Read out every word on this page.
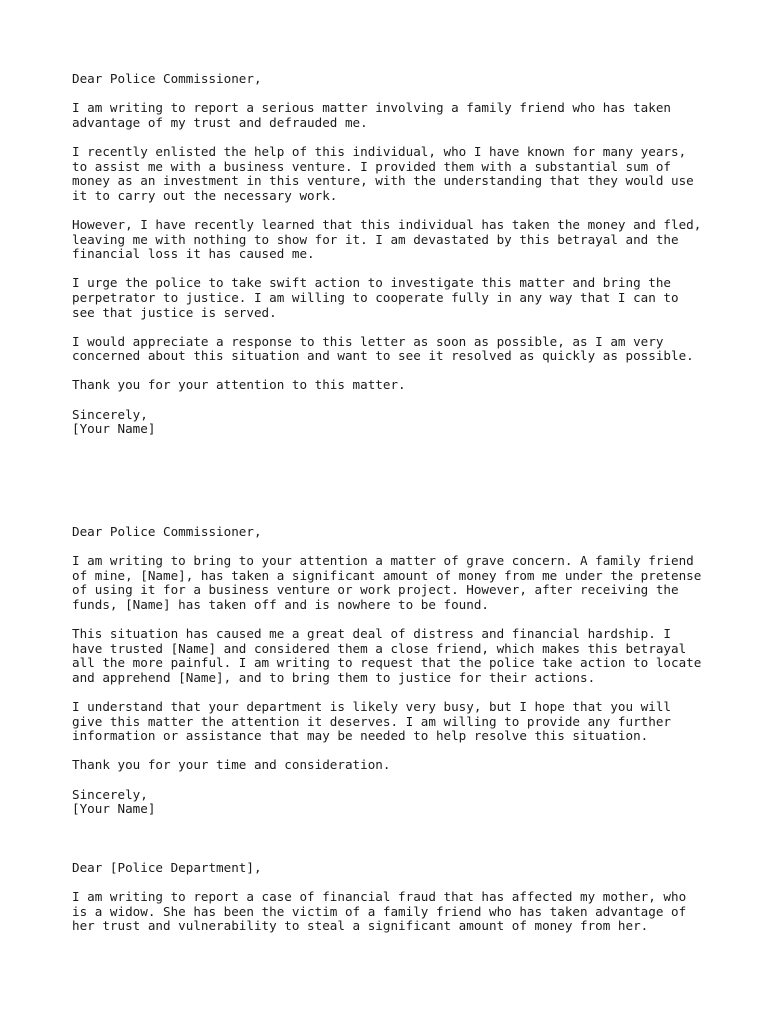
Dear Police Commissioner,

I am writing to report a serious matter involving a family friend who has taken
advantage of my trust and defrauded me.

I recently enlisted the help of this individual, who I have known for many years,
to assist me with a business venture. I provided them with a substantial sum of
money as an investment in this venture, with the understanding that they would use
it to carry out the necessary work.

However, I have recently learned that this individual has taken the money and fled,
leaving me with nothing to show for it. I am devastated by this betrayal and the
financial loss it has caused me.

I urge the police to take swift action to investigate this matter and bring the
perpetrator to justice. I am willing to cooperate fully in any way that I can to
see that justice is served.

I would appreciate a response to this letter as soon as possible, as I am very
concerned about this situation and want to see it resolved as quickly as possible.

Thank you for your attention to this matter.

Sincerely,

[Your Name]

Dear Police Commissioner,

I am writing to bring to your attention a matter of grave concern. A family friend
of mine, [Name], has taken a significant amount of money from me under the pretense
of using it for a business venture or work project. However, after receiving the
funds, [Name] has taken off and is nowhere to be found.

This situation has caused me a great deal of distress and financial hardship. I
have trusted [Name] and considered them a close friend, which makes this betrayal
all the more painful. I am writing to request that the police take action to locate
and apprehend [Name], and to bring them to justice for their actions.

I understand that your department is likely very busy, but I hope that you will
give this matter the attention it deserves. I am willing to provide any further
information or assistance that may be needed to help resolve this situation.

Thank you for your time and consideration.

Sincerely,

[Your Name]

Dear [Police Department],

I am writing to report a case of financial fraud that has affected my mother, who
is a widow. She has been the victim of a family friend who has taken advantage of
her trust and vulnerability to steal a significant amount of money from her.
